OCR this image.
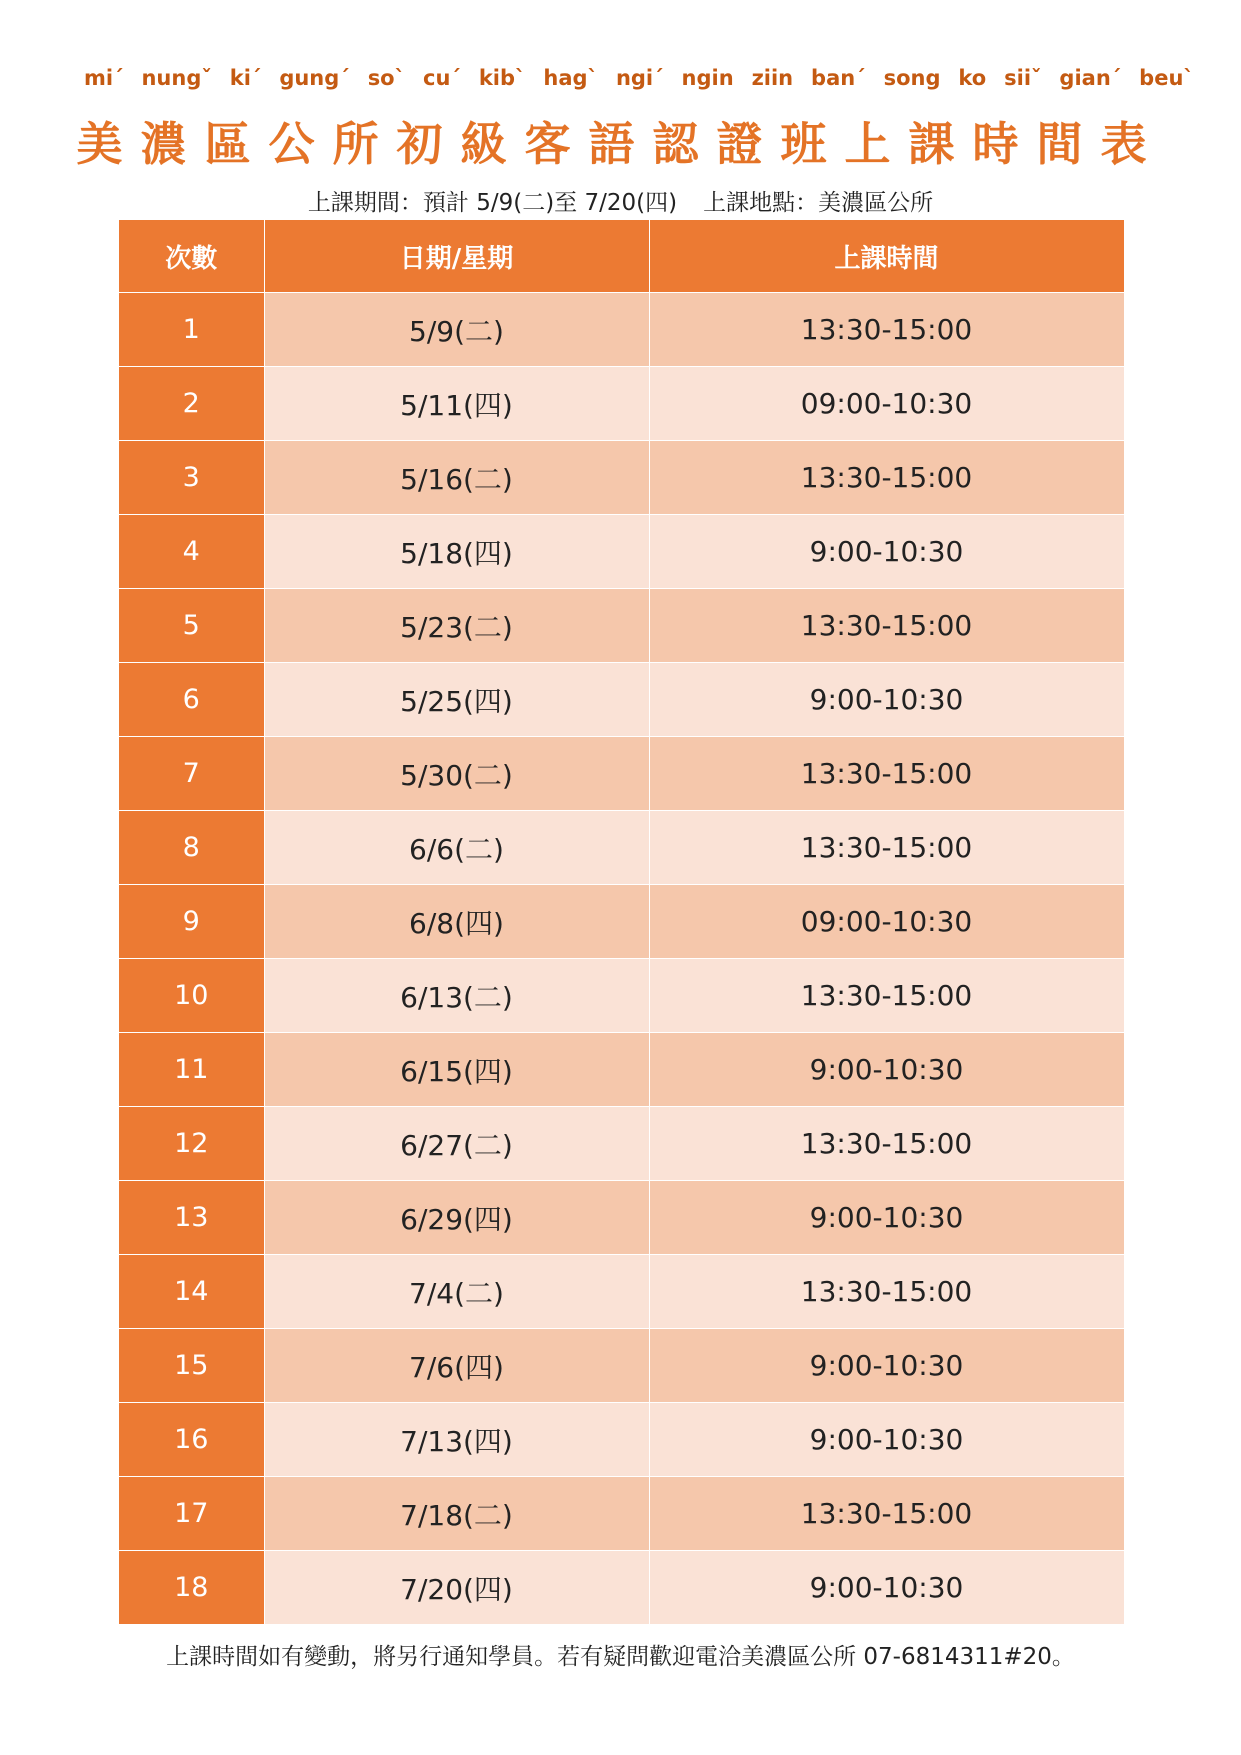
miˊ nungˇ kiˊ gungˊ soˋ cuˊ kibˋ hagˋ ngiˊ ngin ziin banˊ song ko siiˇ gianˊ beuˋ
美濃區公所初級客語認證班上課時間表
上課期間：預計 5/9(二)至 7/20(四) 上課地點：美濃區公所
次數	日期/星期	上課時間
1	5/9(二)	13:30-15:00
2	5/11(四)	09:00-10:30
3	5/16(二)	13:30-15:00
4	5/18(四)	9:00-10:30
5	5/23(二)	13:30-15:00
6	5/25(四)	9:00-10:30
7	5/30(二)	13:30-15:00
8	6/6(二)	13:30-15:00
9	6/8(四)	09:00-10:30
10	6/13(二)	13:30-15:00
11	6/15(四)	9:00-10:30
12	6/27(二)	13:30-15:00
13	6/29(四)	9:00-10:30
14	7/4(二)	13:30-15:00
15	7/6(四)	9:00-10:30
16	7/13(四)	9:00-10:30
17	7/18(二)	13:30-15:00
18	7/20(四)	9:00-10:30
上課時間如有變動，將另行通知學員。若有疑問歡迎電洽美濃區公所 07-6814311#20。
